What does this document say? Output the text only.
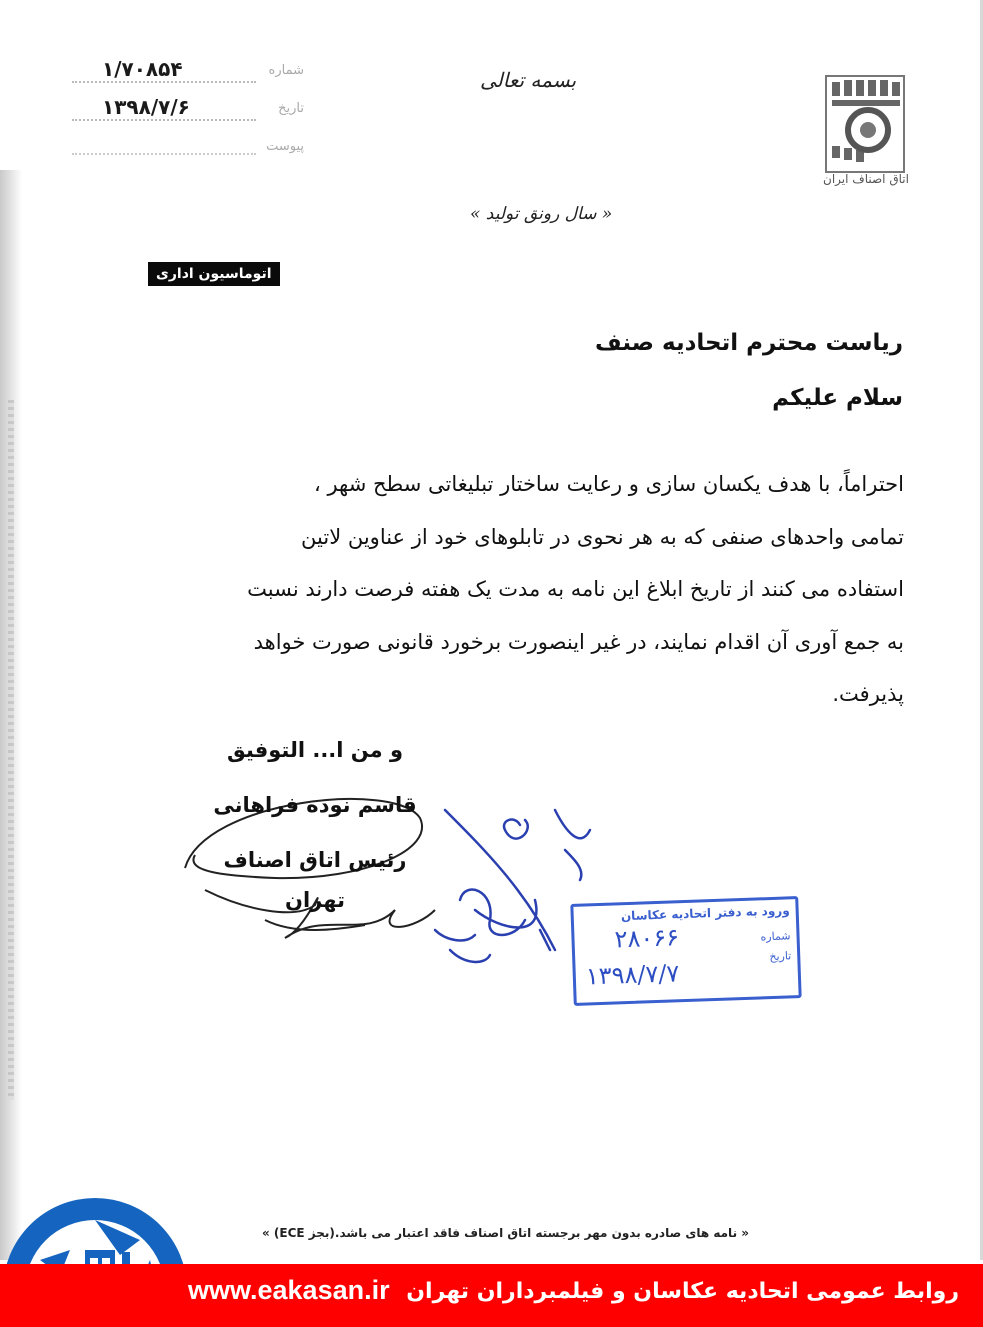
شماره
۱/۷۰۸۵۴
تاریخ
۱۳۹۸/۷/۶
پیوست
بسمه تعالی
اتاق اصناف ایران
« سال رونق تولید »
اتوماسیون اداری
ریاست محترم اتحادیه صنف
سلام علیکم
احتراماً، با هدف یکسان سازی و رعایت ساختار تبلیغاتی سطح شهر ،
تمامی واحدهای صنفی که به هر نحوی در تابلوهای خود از عناوین لاتین
استفاده می کنند از تاریخ ابلاغ این نامه به مدت یک هفته فرصت دارند نسبت
به جمع آوری آن اقدام نمایند، در غیر اینصورت برخورد قانونی صورت خواهد
پذیرفت.
و من ا... التوفیق
قاسم نوده فراهانی
رئیس اتاق اصناف تهران
ورود به دفتر اتحادیه عکاسان
شماره
تاریخ
۲۸۰۶۶
۱۳۹۸/۷/۷
« نامه های صادره بدون مهر برجسته اتاق اصناف فاقد اعتبار می باشد.(بجز ECE) »
روابط عمومی اتحادیه عکاسان و فیلمبرداران تهران
www.eakasan.ir
